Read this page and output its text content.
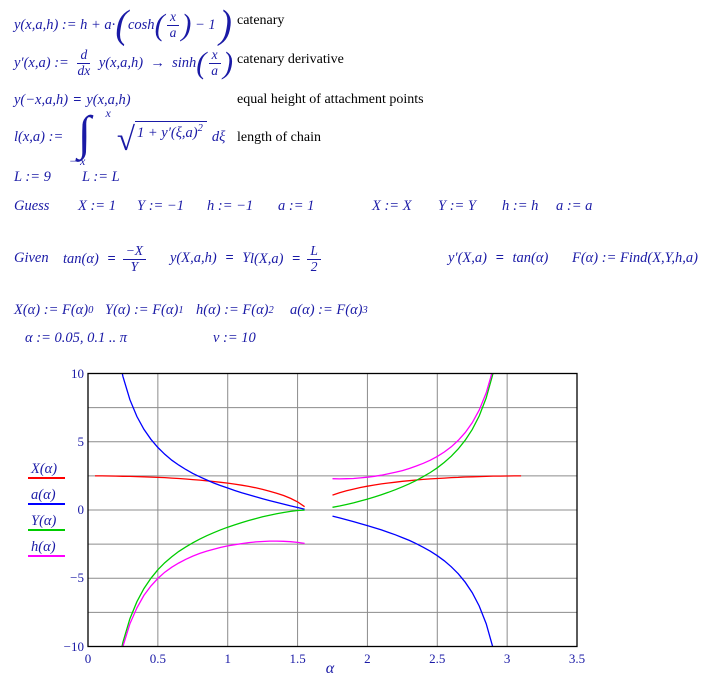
y(x,a,h) := h + a· ( cosh ( $\frac{x}{a}$ ) − 1 ) catenary
y′(x,a) := $\frac{d}{dx} y(x,a,h) \to \sinh$ ( $\frac{x}{a}$ ) catenary derivative
y(−x,a,h) = y(x,a,h)	equal height of attachment points
l(x,a) :=

∫

x

− x

√ $1 + y'(\xi,a)^2$
dξ length of chain
L := 9 L := L
Guess X := 1 Y := −1 h := −1 a := 1	X := X Y := Y h := h a := a
Given $\tan(\alpha) = \frac{-X}{Y} y(X,a,h) = Y$ $l(X,a) = \frac{L}{2}$	y′(X,a) = tan(α) F(α) := Find(X,Y,h,a)
X(α) := F(α) 0 Y(α) := F(α) 1 h(α) := F(α) 2 a(α) := F(α) 3
α := 0.05, 0.1 .. π	v := 10
α
0	0.5	1	1.5	2	2.5	3	3.5
10
5
0
−5
−10
X(α)
a(α)
Y(α)
h(α)
